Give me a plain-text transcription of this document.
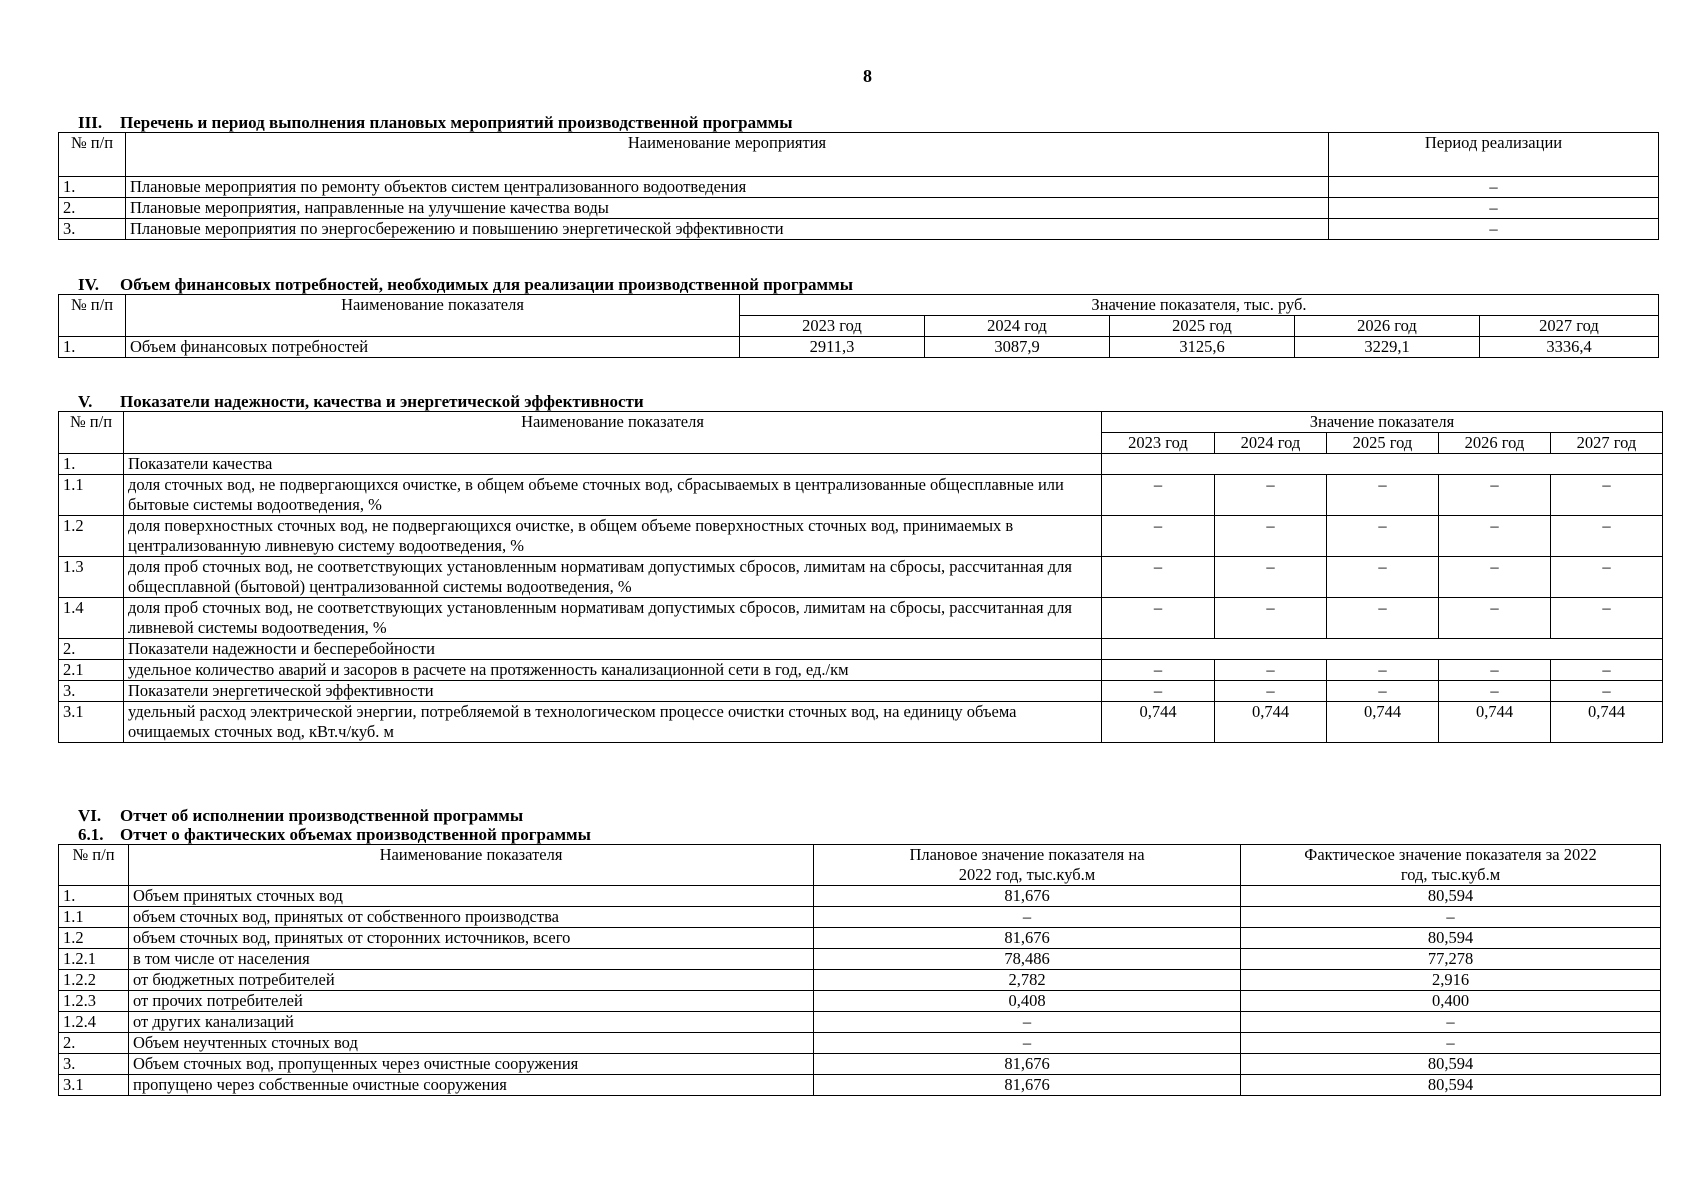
8
III. Перечень и период выполнения плановых мероприятий производственной программы
№ п/п	Наименование мероприятия	Период реализации
1.	Плановые мероприятия по ремонту объектов систем централизованного водоотведения	–
2.	Плановые мероприятия, направленные на улучшение качества воды	–
3.	Плановые мероприятия по энергосбережению и повышению энергетической эффективности	–
IV. Объем финансовых потребностей, необходимых для реализации производственной программы
№ п/п	Наименование показателя	Значение показателя, тыс. руб.				
		2023 год	2024 год	2025 год	2026 год	2027 год
1.	Объем финансовых потребностей	2911,3	3087,9	3125,6	3229,1	3336,4
V. Показатели надежности, качества и энергетической эффективности
№ п/п	Наименование показателя	Значение показателя				
		2023 год	2024 год	2025 год	2026 год	2027 год
1.	Показатели качества					
1.1	доля сточных вод, не подвергающихся очистке, в общем объеме сточных вод, сбрасываемых в централизованные общесплавные или бытовые системы водоотведения, %	–	–	–	–	–
1.2	доля поверхностных сточных вод, не подвергающихся очистке, в общем объеме поверхностных сточных вод, принимаемых в централизованную ливневую систему водоотведения, %	–	–	–	–	–
1.3	доля проб сточных вод, не соответствующих установленным нормативам допустимых сбросов, лимитам на сбросы, рассчитанная для общесплавной (бытовой) централизованной системы водоотведения, %	–	–	–	–	–
1.4	доля проб сточных вод, не соответствующих установленным нормативам допустимых сбросов, лимитам на сбросы, рассчитанная для ливневой системы водоотведения, %	–	–	–	–	–
2.	Показатели надежности и бесперебойности					
2.1	удельное количество аварий и засоров в расчете на протяженность канализационной сети в год, ед./км	–	–	–	–	–
3.	Показатели энергетической эффективности	–	–	–	–	–
3.1	удельный расход электрической энергии, потребляемой в технологическом процессе очистки сточных вод, на единицу объема очищаемых сточных вод, кВт.ч/куб. м	0,744	0,744	0,744	0,744	0,744
VI. Отчет об исполнении производственной программы
6.1. Отчет о фактических объемах производственной программы
№ п/п	Наименование показателя	Плановое значение показателя на 2022 год, тыс.куб.м	Фактическое значение показателя за 2022 год, тыс.куб.м
1.	Объем принятых сточных вод	81,676	80,594
1.1	объем сточных вод, принятых от собственного производства	–	–
1.2	объем сточных вод, принятых от сторонних источников, всего	81,676	80,594
1.2.1	в том числе от населения	78,486	77,278
1.2.2	от бюджетных потребителей	2,782	2,916
1.2.3	от прочих потребителей	0,408	0,400
1.2.4	от других канализаций	–	–
2.	Объем неучтенных сточных вод	–	–
3.	Объем сточных вод, пропущенных через очистные сооружения	81,676	80,594
3.1	пропущено через собственные очистные сооружения	81,676	80,594
